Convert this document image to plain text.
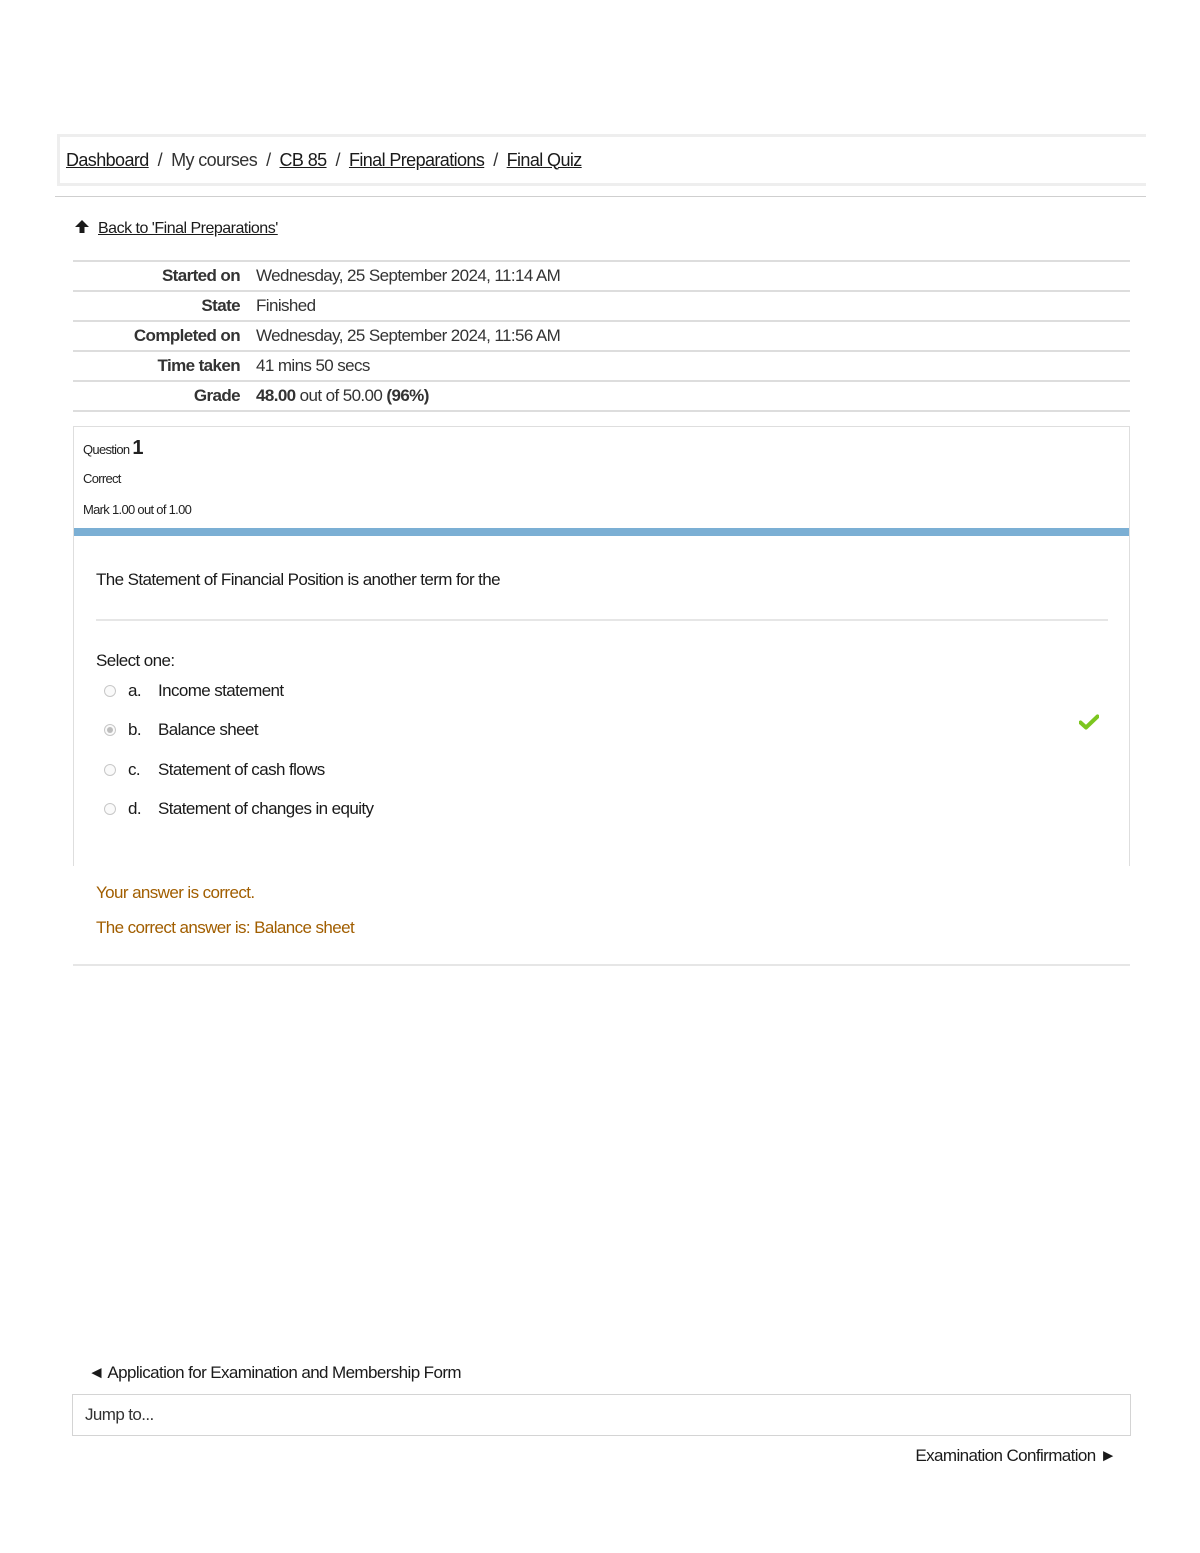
Dashboard / My courses / CB 85 / Final Preparations / Final Quiz
Back to 'Final Preparations'
Started on	Wednesday, 25 September 2024, 11:14 AM
State	Finished
Completed on	Wednesday, 25 September 2024, 11:56 AM
Time taken	41 mins 50 secs
Grade	48.00 out of 50.00 (96%)
Question 1
Correct
Mark 1.00 out of 1.00
The Statement of Financial Position is another term for the
Select one:
a.	Income statement
b.	Balance sheet
c.	Statement of cash flows
d.	Statement of changes in equity
Your answer is correct.
The correct answer is: Balance sheet
◄ Application for Examination and Membership Form
Jump to...
Examination Confirmation ►
